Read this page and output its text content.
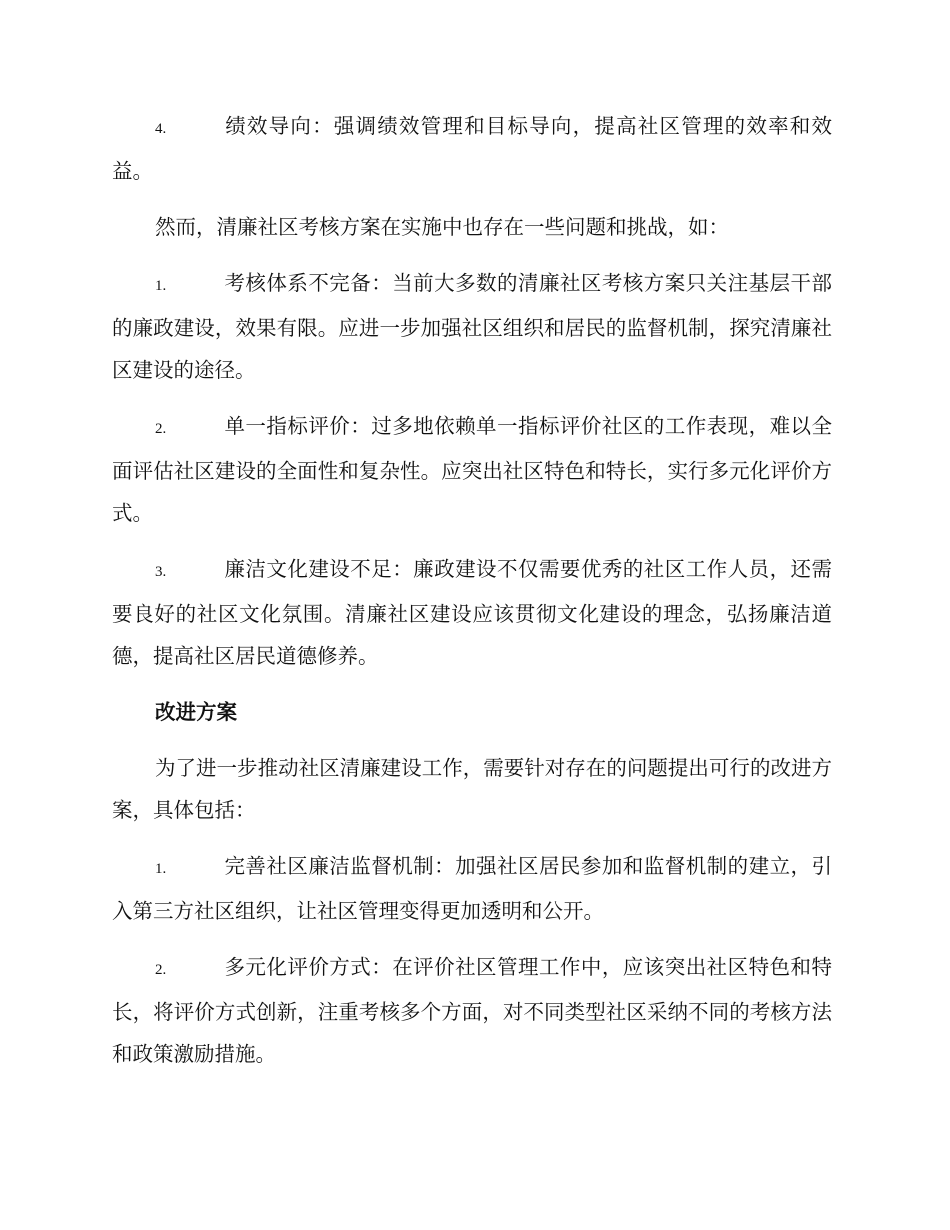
4.	绩效导向：强调绩效管理和目标导向，提高社区管理的效率和效益。

然而，清廉社区考核方案在实施中也存在一些问题和挑战，如：

1.	考核体系不完备：当前大多数的清廉社区考核方案只关注基层干部的廉政建设，效果有限。应进一步加强社区组织和居民的监督机制，探究清廉社区建设的途径。

2.	单一指标评价：过多地依赖单一指标评价社区的工作表现，难以全面评估社区建设的全面性和复杂性。应突出社区特色和特长，实行多元化评价方式。

3.	廉洁文化建设不足：廉政建设不仅需要优秀的社区工作人员，还需要良好的社区文化氛围。清廉社区建设应该贯彻文化建设的理念，弘扬廉洁道德，提高社区居民道德修养。

改进方案

为了进一步推动社区清廉建设工作，需要针对存在的问题提出可行的改进方案，具体包括：

1.	完善社区廉洁监督机制：加强社区居民参加和监督机制的建立，引入第三方社区组织，让社区管理变得更加透明和公开。

2.	多元化评价方式：在评价社区管理工作中，应该突出社区特色和特长，将评价方式创新，注重考核多个方面，对不同类型社区采纳不同的考核方法和政策激励措施。
